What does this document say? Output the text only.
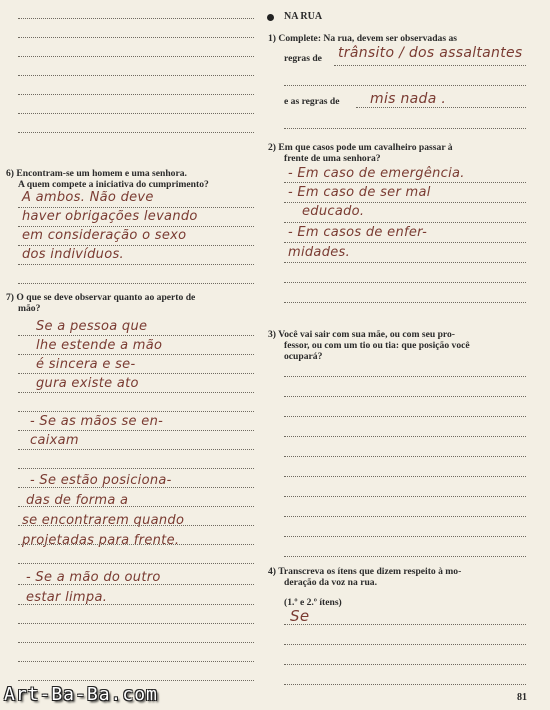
6) Encontram-se um homem e uma senhora.
A quem compete a iniciativa do cumprimento?
A ambos. Não deve
haver obrigações levando
em consideração o sexo
dos indivíduos.
7) O que se deve observar quanto ao aperto de
mão?
Se a pessoa que
lhe estende a mão
é sincera e se-
gura existe ato
- Se as mãos se en-
caixam
- Se estão posiciona-
das de forma a
se encontrarem quando
projetadas para frente.
- Se a mão do outro
estar limpa.
NA RUA
1) Complete: Na rua, devem ser observadas as
regras de trânsito / dos assaltantes
e as regras de mis nada .
2) Em que casos pode um cavalheiro passar à
frente de uma senhora?
- Em caso de emergência.
- Em caso de ser mal
educado.
- Em casos de enfer-
midades.
3) Você vai sair com sua mãe, ou com seu pro-
fessor, ou com um tio ou tia: que posição você
ocupará?
4) Transcreva os ítens que dizem respeito à mo-
deração da voz na rua.
(1.º e 2.º ítens)
Se
81
Art-Ba-Ba.com
